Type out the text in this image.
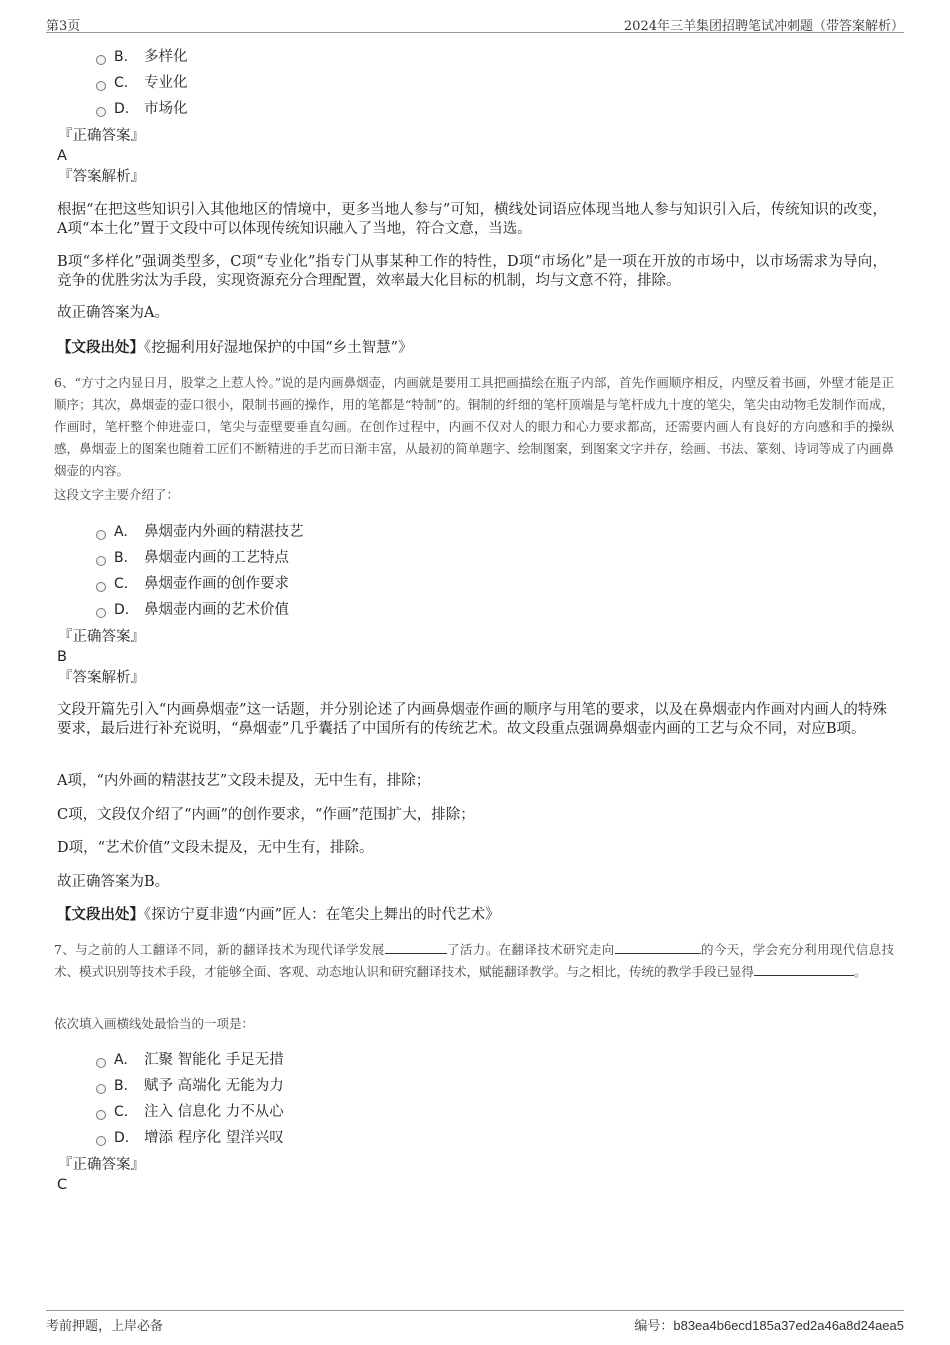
第3页	2024年三羊集团招聘笔试冲刺题（带答案解析）
B. 多样化
C. 专业化
D. 市场化
『正确答案』
A
『答案解析』
根据“在把这些知识引入其他地区的情境中，更多当地人参与”可知，横线处词语应体现当地人参与知识引入后，传统知识的改变，A项“本土化”置于文段中可以体现传统知识融入了当地，符合文意，当选。
B项“多样化”强调类型多，C项“专业化”指专门从事某种工作的特性，D项“市场化”是一项在开放的市场中，以市场需求为导向，竞争的优胜劣汰为手段，实现资源充分合理配置，效率最大化目标的机制，均与文意不符，排除。
故正确答案为A。
【文段出处】《挖掘利用好湿地保护的中国“乡土智慧”》
6、“方寸之内显日月，股掌之上惹人怜。”说的是内画鼻烟壶，内画就是要用工具把画描绘在瓶子内部，首先作画顺序相反，内壁反着书画，外壁才能是正顺序；其次，鼻烟壶的壶口很小，限制书画的操作，用的笔都是“特制”的。铜制的纤细的笔杆顶端是与笔杆成九十度的笔尖，笔尖由动物毛发制作而成，作画时，笔杆整个伸进壶口，笔尖与壶壁要垂直勾画。在创作过程中，内画不仅对人的眼力和心力要求都高，还需要内画人有良好的方向感和手的操纵感，鼻烟壶上的图案也随着工匠们不断精进的手艺而日渐丰富，从最初的简单题字、绘制图案，到图案文字并存，绘画、书法、篆刻、诗词等成了内画鼻烟壶的内容。
这段文字主要介绍了：
A. 鼻烟壶内外画的精湛技艺
B. 鼻烟壶内画的工艺特点
C. 鼻烟壶作画的创作要求
D. 鼻烟壶内画的艺术价值
『正确答案』
B
『答案解析』
文段开篇先引入“内画鼻烟壶”这一话题，并分别论述了内画鼻烟壶作画的顺序与用笔的要求，以及在鼻烟壶内作画对内画人的特殊要求，最后进行补充说明，“鼻烟壶”几乎囊括了中国所有的传统艺术。故文段重点强调鼻烟壶内画的工艺与众不同，对应B项。
A项，“内外画的精湛技艺”文段未提及，无中生有，排除；
C项，文段仅介绍了“内画”的创作要求，“作画”范围扩大，排除；
D项，“艺术价值”文段未提及，无中生有，排除。
故正确答案为B。
【文段出处】《探访宁夏非遗“内画”匠人：在笔尖上舞出的时代艺术》
7、与之前的人工翻译不同，新的翻译技术为现代译学发展	了活力。在翻译技术研究走向	的今天，学会充分利用现代信息技术、模式识别等技术手段，才能够全面、客观、动态地认识和研究翻译技术，赋能翻译教学。与之相比，传统的教学手段已显得	。
依次填入画横线处最恰当的一项是：
A. 汇聚 智能化 手足无措
B. 赋予 高端化 无能为力
C. 注入 信息化 力不从心
D. 增添 程序化 望洋兴叹
『正确答案』
C
考前押题，上岸必备	编号：b83ea4b6ecd185a37ed2a46a8d24aea5
